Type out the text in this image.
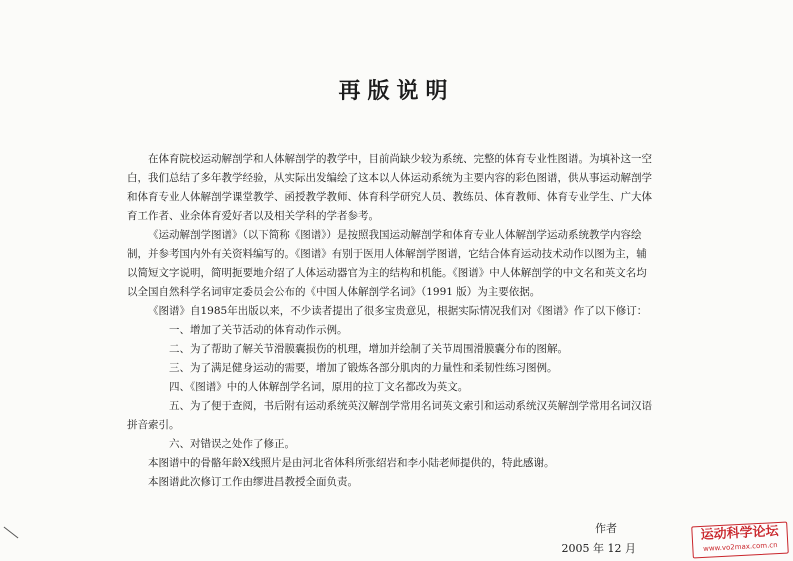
再版说明

在体育院校运动解剖学和人体解剖学的教学中，目前尚缺少较为系统、完整的体育专业性图谱。为填补这一空白，我们总结了多年教学经验，从实际出发编绘了这本以人体运动系统为主要内容的彩色图谱，供从事运动解剖学和体育专业人体解剖学课堂教学、函授教学教师、体育科学研究人员、教练员、体育教师、体育专业学生、广大体育工作者、业余体育爱好者以及相关学科的学者参考。

《运动解剖学图谱》（以下简称《图谱》）是按照我国运动解剖学和体育专业人体解剖学运动系统教学内容绘制，并参考国内外有关资料编写的。《图谱》有别于医用人体解剖学图谱，它结合体育运动技术动作以图为主，辅以简短文字说明，简明扼要地介绍了人体运动器官为主的结构和机能。《图谱》中人体解剖学的中文名和英文名均以全国自然科学名词审定委员会公布的《中国人体解剖学名词》（1991 版）为主要依据。

《图谱》自1985年出版以来，不少读者提出了很多宝贵意见，根据实际情况我们对《图谱》作了以下修订：

一、增加了关节活动的体育动作示例。

二、为了帮助了解关节滑膜囊损伤的机理，增加并绘制了关节周围滑膜囊分布的图解。

三、为了满足健身运动的需要，增加了锻炼各部分肌肉的力量性和柔韧性练习图例。

四、《图谱》中的人体解剖学名词，原用的拉丁文名都改为英文。

五、为了便于查阅，书后附有运动系统英汉解剖学常用名词英文索引和运动系统汉英解剖学常用名词汉语拼音索引。

六、对错误之处作了修正。

本图谱中的骨骼年龄X线照片是由河北省体科所张绍岩和李小陆老师提供的，特此感谢。

本图谱此次修订工作由缪进昌教授全面负责。

作者
2005 年 12 月
运动科学论坛
www.vo2max.com.cn
